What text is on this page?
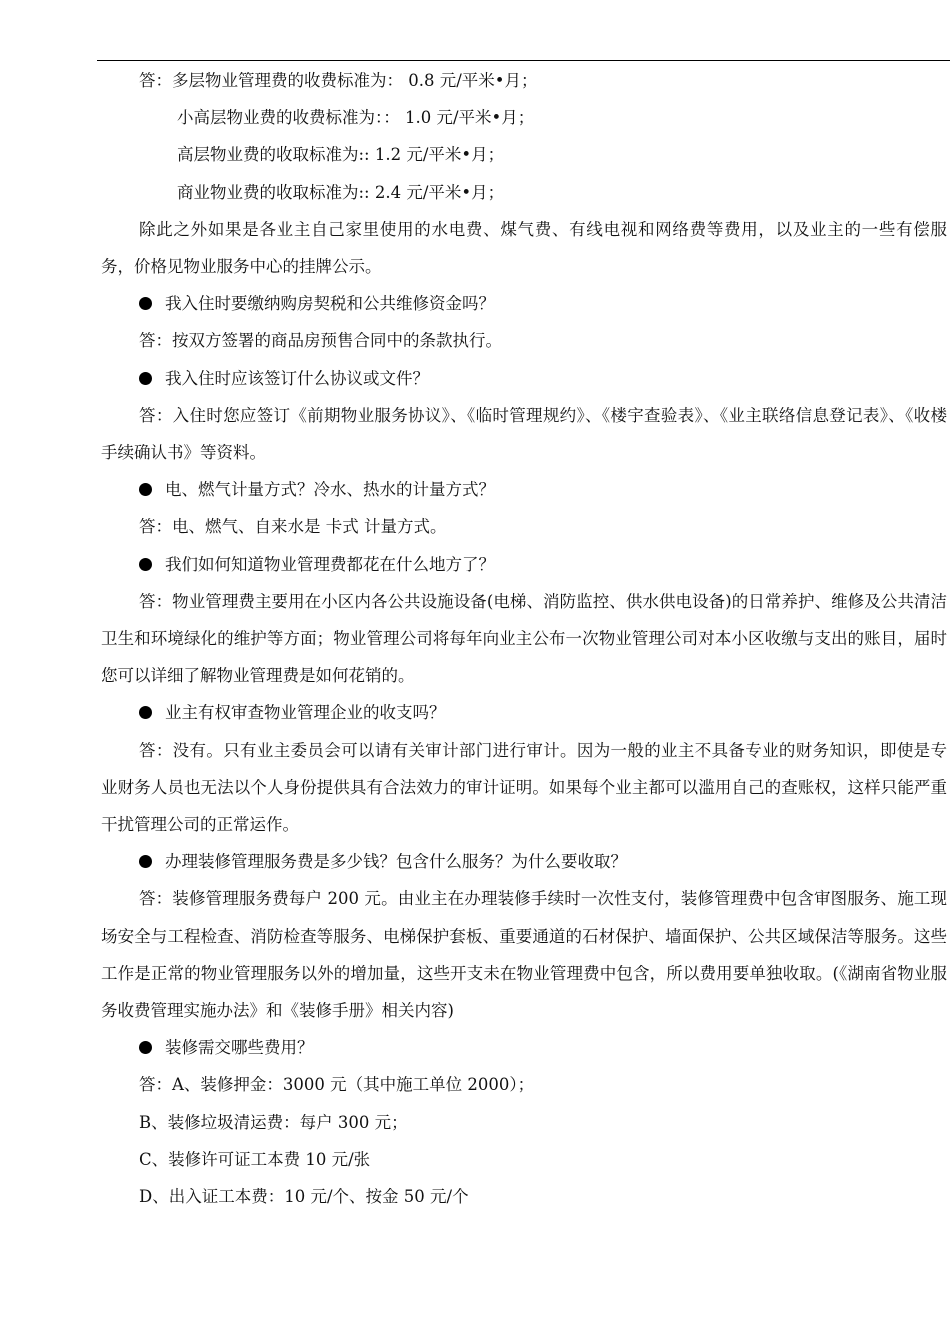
答：多层物业管理费的收费标准为： 0.8 元/平米•月；
小高层物业费的收费标准为：： 1.0 元/平米•月；
高层物业费的收取标准为:: 1.2 元/平米•月；
商业物业费的收取标准为:: 2.4 元/平米•月；

除此之外如果是各业主自己家里使用的水电费、煤气费、有线电视和网络费等费用，以及业主的一些有偿服务，价格见物业服务中心的挂牌公示。

我入住时要缴纳购房契税和公共维修资金吗？
答：按双方签署的商品房预售合同中的条款执行。
我入住时应该签订什么协议或文件？

答：入住时您应签订《前期物业服务协议》、《临时管理规约》、《楼宇查验表》、《业主联络信息登记表》、《收楼手续确认书》等资料。

电、燃气计量方式？冷水、热水的计量方式？
答：电、燃气、自来水是 卡式 计量方式。
我们如何知道物业管理费都花在什么地方了？

答：物业管理费主要用在小区内各公共设施设备(电梯、消防监控、供水供电设备)的日常养护、维修及公共清洁卫生和环境绿化的维护等方面；物业管理公司将每年向业主公布一次物业管理公司对本小区收缴与支出的账目，届时您可以详细了解物业管理费是如何花销的。

业主有权审查物业管理企业的收支吗？

答：没有。只有业主委员会可以请有关审计部门进行审计。因为一般的业主不具备专业的财务知识，即使是专业财务人员也无法以个人身份提供具有合法效力的审计证明。如果每个业主都可以滥用自己的查账权，这样只能严重干扰管理公司的正常运作。

办理装修管理服务费是多少钱？包含什么服务？为什么要收取？

答：装修管理服务费每户 200 元。由业主在办理装修手续时一次性支付，装修管理费中包含审图服务、施工现场安全与工程检查、消防检查等服务、电梯保护套板、重要通道的石材保护、墙面保护、公共区域保洁等服务。这些工作是正常的物业管理服务以外的增加量，这些开支未在物业管理费中包含，所以费用要单独收取。(《湖南省物业服务收费管理实施办法》和《装修手册》相关内容)

装修需交哪些费用？
答：A、装修押金：3000 元（其中施工单位 2000）；
B、装修垃圾清运费：每户 300 元；
C、装修许可证工本费 10 元/张
D、出入证工本费：10 元/个、按金 50 元/个
